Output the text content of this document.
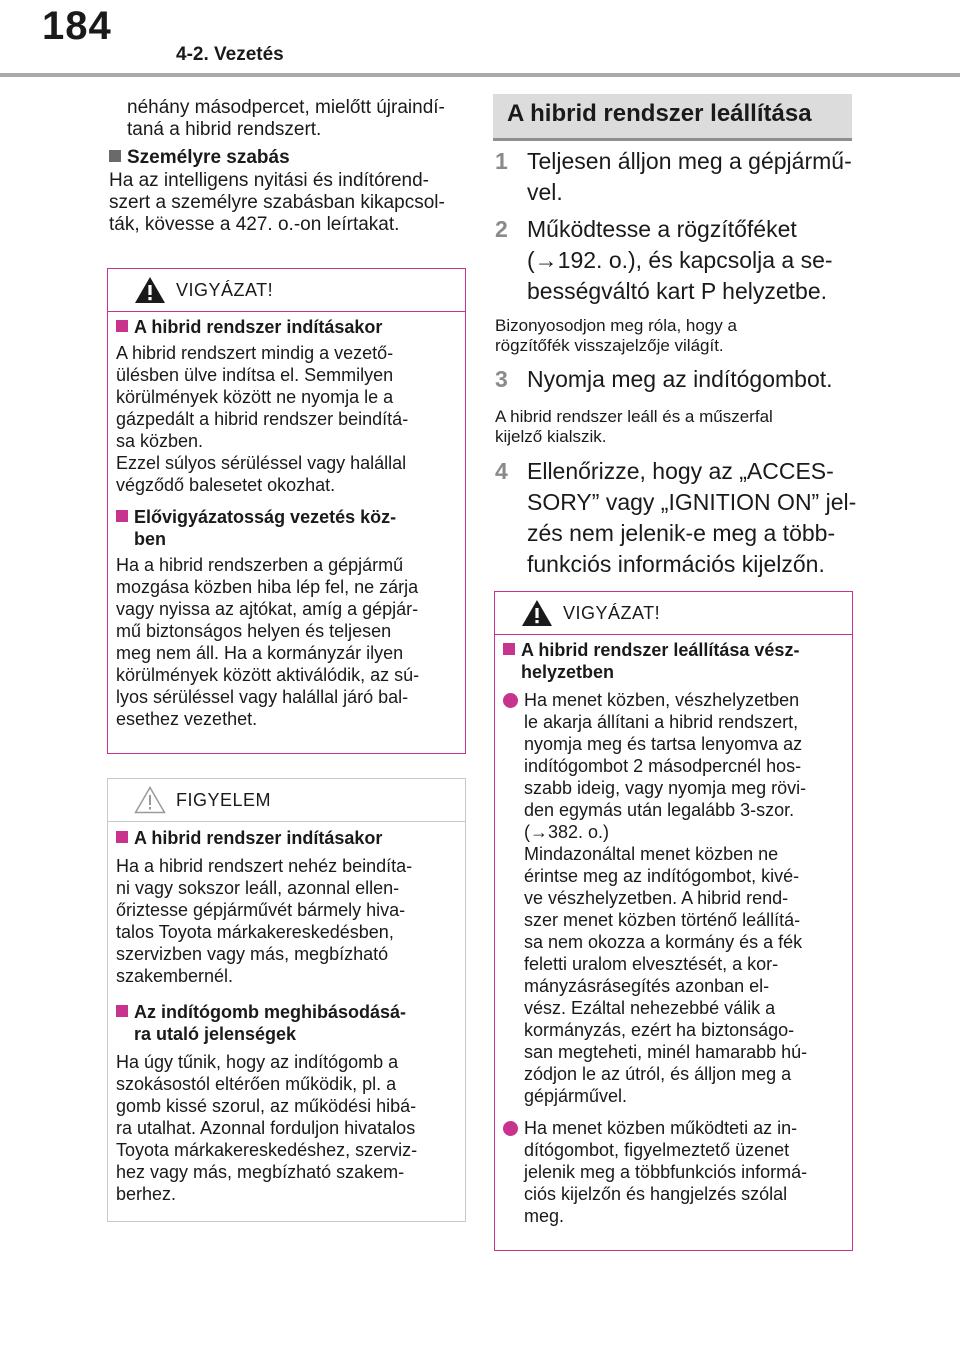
184
4-2. Vezetés

néhány másodpercet, mielőtt újraindí-

taná a hibrid rendszert.

Személyre szabás

Ha az intelligens nyitási és indítórend-

szert a személyre szabásban kikapcsol-

ták, kövesse a 427. o.-on leírtakat.

VIGYÁZAT!

A hibrid rendszer indításakor

A hibrid rendszert mindig a vezető-

ülésben ülve indítsa el. Semmilyen

körülmények között ne nyomja le a

gázpedált a hibrid rendszer beindítá-

sa közben.

Ezzel súlyos sérüléssel vagy halállal

végződő balesetet okozhat.

Elővigyázatosság vezetés köz-

ben

Ha a hibrid rendszerben a gépjármű

mozgása közben hiba lép fel, ne zárja

vagy nyissa az ajtókat, amíg a gépjár-

mű biztonságos helyen és teljesen

meg nem áll. Ha a kormányzár ilyen

körülmények között aktiválódik, az sú-

lyos sérüléssel vagy halállal járó bal-

esethez vezethet.

FIGYELEM

A hibrid rendszer indításakor

Ha a hibrid rendszert nehéz beindíta-

ni vagy sokszor leáll, azonnal ellen-

őriztesse gépjárművét bármely hiva-

talos Toyota márkakereskedésben,

szervizben vagy más, megbízható

szakembernél.

Az indítógomb meghibásodásá-

ra utaló jelenségek

Ha úgy tűnik, hogy az indítógomb a

szokásostól eltérően működik, pl. a

gomb kissé szorul, az működési hibá-

ra utalhat. Azonnal forduljon hivatalos

Toyota márkakereskedéshez, szerviz-

hez vagy más, megbízható szakem-

berhez.

A hibrid rendszer leállítása
1 Teljesen álljon meg a gépjármű-
vel.
2 Működtesse a rögzítőféket
(→192. o.), és kapcsolja a se-
bességváltó kart P helyzetbe.
Bizonyosodjon meg róla, hogy a
rögzítőfék visszajelzője világít.
3 Nyomja meg az indítógombot.
A hibrid rendszer leáll és a műszerfal
kijelző kialszik.
4 Ellenőrizze, hogy az „ACCES-
SORY” vagy „IGNITION ON” jel-
zés nem jelenik-e meg a több-
funkciós információs kijelzőn.
VIGYÁZAT!

A hibrid rendszer leállítása vész-

helyzetben

Ha menet közben, vészhelyzetben

le akarja állítani a hibrid rendszert,

nyomja meg és tartsa lenyomva az

indítógombot 2 másodpercnél hos-

szabb ideig, vagy nyomja meg rövi-

den egymás után legalább 3-szor.

(→382. o.)

Mindazonáltal menet közben ne

érintse meg az indítógombot, kivé-

ve vészhelyzetben. A hibrid rend-

szer menet közben történő leállítá-

sa nem okozza a kormány és a fék

feletti uralom elvesztését, a kor-

mányzásrásegítés azonban el-

vész. Ezáltal nehezebbé válik a

kormányzás, ezért ha biztonságo-

san megteheti, minél hamarabb hú-

zódjon le az útról, és álljon meg a

gépjárművel.

Ha menet közben működteti az in-

dítógombot, figyelmeztető üzenet

jelenik meg a többfunkciós informá-

ciós kijelzőn és hangjelzés szólal

meg.
